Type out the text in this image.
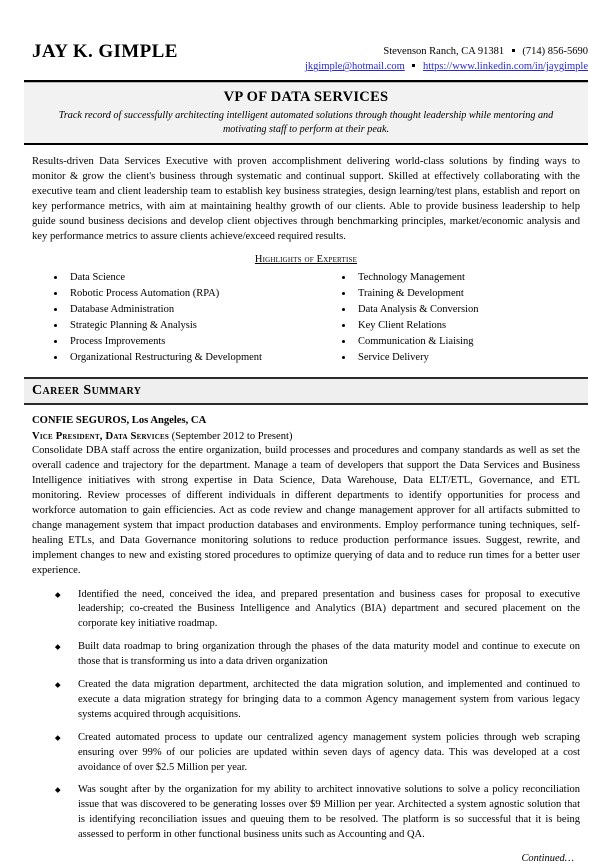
JAY K. GIMPLE	Stevenson Ranch, CA 91381 (714) 856-5690
jkgimple@hotmail.com https://www.linkedin.com/in/jaygimple
VP OF DATA SERVICES
Track record of successfully architecting intelligent automated solutions through thought leadership while mentoring and motivating staff to perform at their peak.
Results-driven Data Services Executive with proven accomplishment delivering world-class solutions by finding ways to monitor & grow the client's business through systematic and continual support. Skilled at effectively collaborating with the executive team and client leadership team to establish key business strategies, design learning/test plans, establish and report on key performance metrics, with aim at maintaining healthy growth of our clients. Able to provide business leadership to help guide sound business decisions and develop client objectives through benchmarking principles, market/economic analysis and key performance metrics to assure clients achieve/exceed required results.
Highlights of Expertise
Data Science
Robotic Process Automation (RPA)
Database Administration
Strategic Planning & Analysis
Process Improvements
Organizational Restructuring & Development
Technology Management
Training & Development
Data Analysis & Conversion
Key Client Relations
Communication & Liaising
Service Delivery
Career Summary
CONFIE SEGUROS, Los Angeles, CA
Vice President, Data Services (September 2012 to Present)
Consolidate DBA staff across the entire organization, build processes and procedures and company standards as well as set the overall cadence and trajectory for the department. Manage a team of developers that support the Data Services and Business Intelligence initiatives with strong expertise in Data Science, Data Warehouse, Data ELT/ETL, Governance, and ETL monitoring. Review processes of different individuals in different departments to identify opportunities for process and workforce automation to gain efficiencies. Act as code review and change management approver for all artifacts submitted to change management system that impact production databases and environments. Employ performance tuning techniques, self-healing ETLs, and Data Governance monitoring solutions to reduce production performance issues. Suggest, rewrite, and implement changes to new and existing stored procedures to optimize querying of data and to reduce run times for a better user experience.
Identified the need, conceived the idea, and prepared presentation and business cases for proposal to executive leadership; co-created the Business Intelligence and Analytics (BIA) department and secured placement on the corporate key initiative roadmap.
Built data roadmap to bring organization through the phases of the data maturity model and continue to execute on those that is transforming us into a data driven organization
Created the data migration department, architected the data migration solution, and implemented and continued to execute a data migration strategy for bringing data to a common Agency management system from various legacy systems acquired through acquisitions.
Created automated process to update our centralized agency management system policies through web scraping ensuring over 99% of our policies are updated within seven days of agency data. This was developed at a cost avoidance of over $2.5 Million per year.
Was sought after by the organization for my ability to architect innovative solutions to solve a policy reconciliation issue that was discovered to be generating losses over $9 Million per year. Architected a system agnostic solution that is identifying reconciliation issues and queuing them to be resolved. The platform is so successful that it is being assessed to perform in other functional business units such as Accounting and QA.
Continued…
